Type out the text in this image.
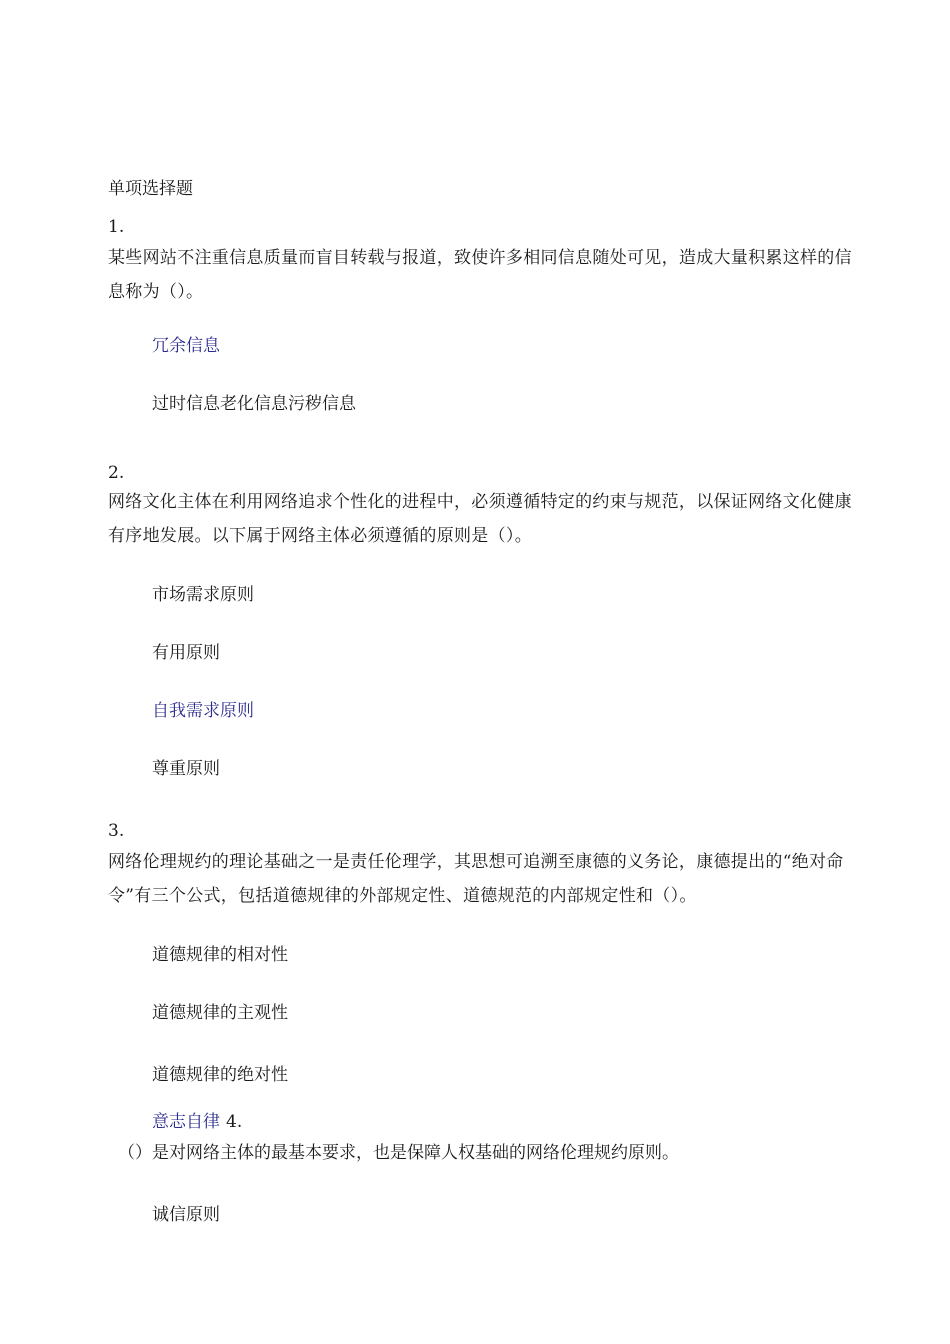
单项选择题
1.
某些网站不注重信息质量而盲目转载与报道，致使许多相同信息随处可见，造成大量积累这样的信息称为（）。
冗余信息
过时信息老化信息污秽信息
2.
网络文化主体在利用网络追求个性化的进程中，必须遵循特定的约束与规范，以保证网络文化健康有序地发展。以下属于网络主体必须遵循的原则是（）。
市场需求原则
有用原则
自我需求原则
尊重原则
3.
网络伦理规约的理论基础之一是责任伦理学，其思想可追溯至康德的义务论，康德提出的“绝对命令”有三个公式，包括道德规律的外部规定性、道德规范的内部规定性和（）。
道德规律的相对性
道德规律的主观性
道德规律的绝对性
意志自律 4.
（）是对网络主体的最基本要求，也是保障人权基础的网络伦理规约原则。
诚信原则
